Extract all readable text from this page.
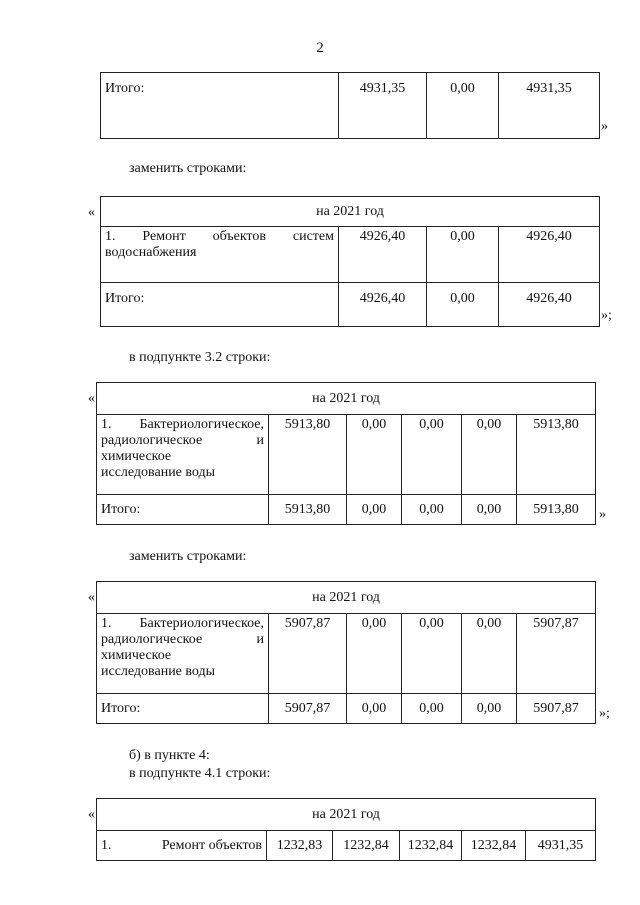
2
Итого:	4931,35	0,00	4931,35
»
заменить строками:
«	на 2021 год			

1. Ремонт объектов систем
водоснабжения	4926,40	0,00	4926,40
Итого:	4926,40	0,00	4926,40
»;
в подпункте 3.2 строки:
«	на 2021 год					

1. Бактериологическое,
радиологическое и
химическое
исследование воды	5913,80	0,00	0,00	0,00	5913,80
Итого:	5913,80	0,00	0,00	0,00	5913,80 »
заменить строками:
«	на 2021 год					

1. Бактериологическое,
радиологическое и
химическое
исследование воды	5907,87	0,00	0,00	0,00	5907,87
Итого:	5907,87	0,00	0,00	0,00	5907,87 »;
б) в пункте 4:
в подпункте 4.1 строки:
«	на 2021 год
1.	Ремонт объектов	1232,83	1232,84	1232,84	1232,84	4931,35
